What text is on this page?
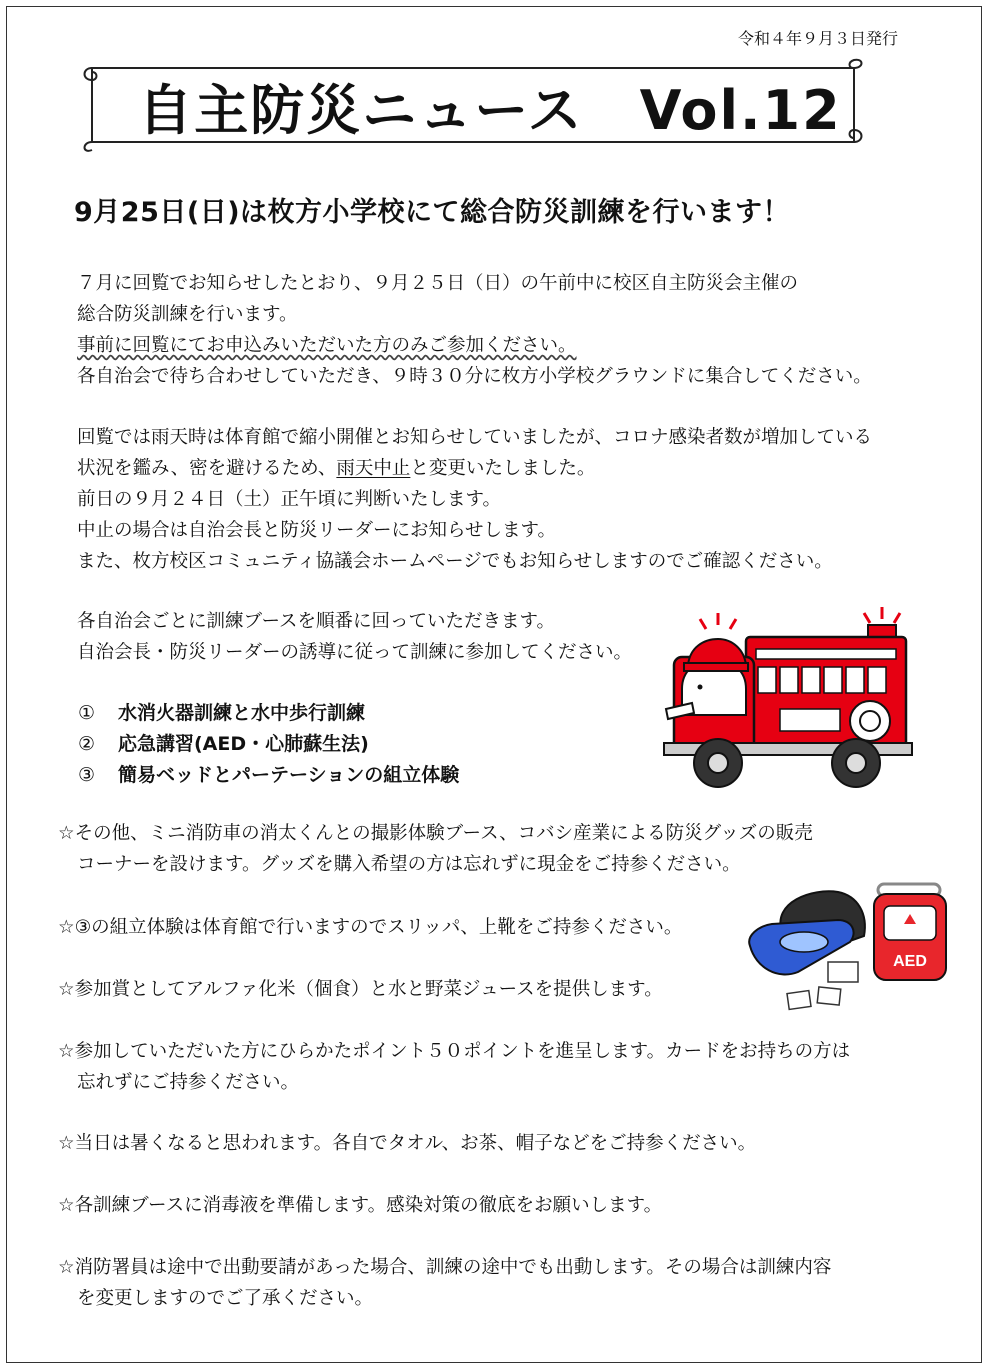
令和４年９月３日発行
自主防災ニュース　Vol.12
9月25日(日)は枚方小学校にて総合防災訓練を行います！
７月に回覧でお知らせしたとおり、９月２５日（日）の午前中に校区自主防災会主催の
総合防災訓練を行います。
事前に回覧にてお申込みいただいた方のみご参加ください。
各自治会で待ち合わせしていただき、９時３０分に枚方小学校グラウンドに集合してください。
回覧では雨天時は体育館で縮小開催とお知らせしていましたが、コロナ感染者数が増加している
状況を鑑み、密を避けるため、雨天中止と変更いたしました。
前日の９月２４日（土）正午頃に判断いたします。
中止の場合は自治会長と防災リーダーにお知らせします。
また、枚方校区コミュニティ協議会ホームページでもお知らせしますのでご確認ください。
各自治会ごとに訓練ブースを順番に回っていただきます。
自治会長・防災リーダーの誘導に従って訓練に参加してください。
①	水消火器訓練と水中歩行訓練
②	応急講習(AED・心肺蘇生法)
③	簡易ベッドとパーテーションの組立体験
☆その他、ミニ消防車の消太くんとの撮影体験ブース、コバシ産業による防災グッズの販売
コーナーを設けます。グッズを購入希望の方は忘れずに現金をご持参ください。
☆③の組立体験は体育館で行いますのでスリッパ、上靴をご持参ください。
AED
☆参加賞としてアルファ化米（個食）と水と野菜ジュースを提供します。
☆参加していただいた方にひらかたポイント５０ポイントを進呈します。カードをお持ちの方は
忘れずにご持参ください。
☆当日は暑くなると思われます。各自でタオル、お茶、帽子などをご持参ください。
☆各訓練ブースに消毒液を準備します。感染対策の徹底をお願いします。
☆消防署員は途中で出動要請があった場合、訓練の途中でも出動します。その場合は訓練内容
を変更しますのでご了承ください。
